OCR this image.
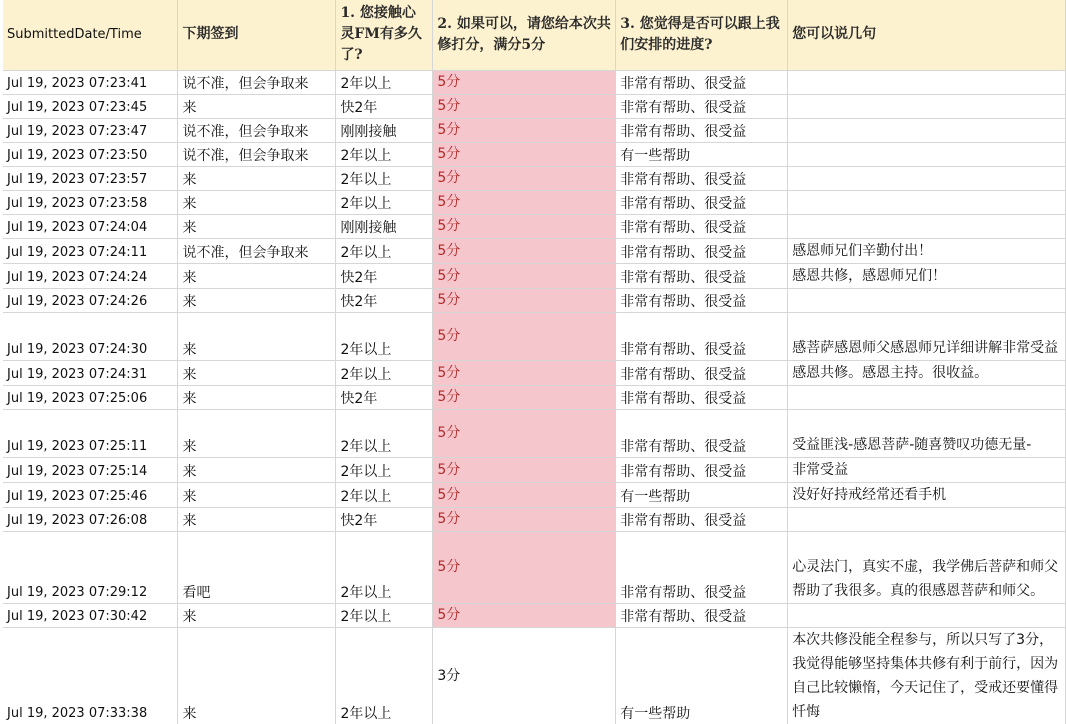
SubmittedDate/Time	下期签到	1. 您接触心灵FM有多久了?	2. 如果可以，请您给本次共修打分，满分5分	3. 您觉得是否可以跟上我们安排的进度?	您可以说几句
Jul 19, 2023 07:23:41	说不准，但会争取来	2年以上	5分	非常有帮助、很受益	
Jul 19, 2023 07:23:45	来	快2年	5分	非常有帮助、很受益	
Jul 19, 2023 07:23:47	说不准，但会争取来	刚刚接触	5分	非常有帮助、很受益	
Jul 19, 2023 07:23:50	说不准，但会争取来	2年以上	5分	有一些帮助	
Jul 19, 2023 07:23:57	来	2年以上	5分	非常有帮助、很受益	
Jul 19, 2023 07:23:58	来	2年以上	5分	非常有帮助、很受益	
Jul 19, 2023 07:24:04	来	刚刚接触	5分	非常有帮助、很受益	
Jul 19, 2023 07:24:11	说不准，但会争取来	2年以上	5分	非常有帮助、很受益	感恩师兄们辛勤付出！
Jul 19, 2023 07:24:24	来	快2年	5分	非常有帮助、很受益	感恩共修，感恩师兄们！
Jul 19, 2023 07:24:26	来	快2年	5分	非常有帮助、很受益	
Jul 19, 2023 07:24:30	来	2年以上	5分	非常有帮助、很受益	感菩萨感恩师父感恩师兄详细讲解非常受益
Jul 19, 2023 07:24:31	来	2年以上	5分	非常有帮助、很受益	感恩共修。感恩主持。很收益。
Jul 19, 2023 07:25:06	来	快2年	5分	非常有帮助、很受益	
Jul 19, 2023 07:25:11	来	2年以上	5分	非常有帮助、很受益	受益匪浅-感恩菩萨-随喜赞叹功德无量-
Jul 19, 2023 07:25:14	来	2年以上	5分	非常有帮助、很受益	非常受益
Jul 19, 2023 07:25:46	来	2年以上	5分	有一些帮助	没好好持戒经常还看手机
Jul 19, 2023 07:26:08	来	快2年	5分	非常有帮助、很受益	
Jul 19, 2023 07:29:12	看吧	2年以上	5分	非常有帮助、很受益	心灵法门，真实不虚，我学佛后菩萨和师父帮助了我很多。真的很感恩菩萨和师父。
Jul 19, 2023 07:30:42	来	2年以上	5分	非常有帮助、很受益	
Jul 19, 2023 07:33:38	来	2年以上	3分	有一些帮助	本次共修没能全程参与，所以只写了3分，我觉得能够坚持集体共修有利于前行，因为自己比较懒惰，今天记住了，受戒还要懂得忏悔
